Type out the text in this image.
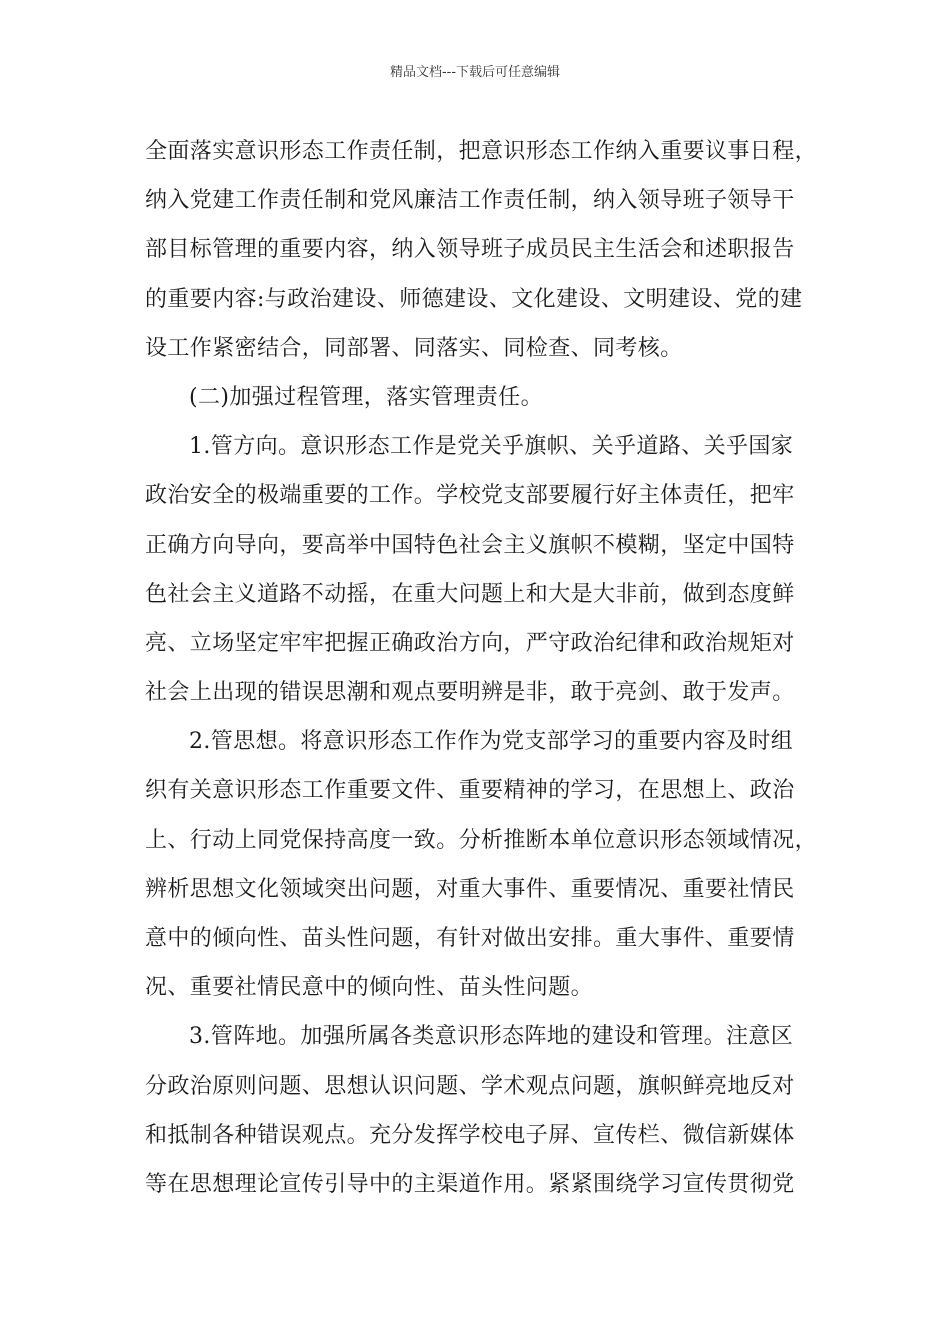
精品文档---下载后可任意编辑
全面落实意识形态工作责任制，把意识形态工作纳入重要议事日程，
纳入党建工作责任制和党风廉洁工作责任制，纳入领导班子领导干
部目标管理的重要内容，纳入领导班子成员民主生活会和述职报告
的重要内容:与政治建设、师德建设、文化建设、文明建设、党的建
设工作紧密结合，同部署、同落实、同检查、同考核。
(二)加强过程管理，落实管理责任。
1.管方向。意识形态工作是党关乎旗帜、关乎道路、关乎国家
政治安全的极端重要的工作。学校党支部要履行好主体责任，把牢
正确方向导向，要高举中国特色社会主义旗帜不模糊，坚定中国特
色社会主义道路不动摇，在重大问题上和大是大非前，做到态度鲜
亮、立场坚定牢牢把握正确政治方向，严守政治纪律和政治规矩对
社会上出现的错误思潮和观点要明辨是非，敢于亮剑、敢于发声。
2.管思想。将意识形态工作作为党支部学习的重要内容及时组
织有关意识形态工作重要文件、重要精神的学习，在思想上、政治
上、行动上同党保持高度一致。分析推断本单位意识形态领域情况，
辨析思想文化领域突出问题，对重大事件、重要情况、重要社情民
意中的倾向性、苗头性问题，有针对做出安排。重大事件、重要情
况、重要社情民意中的倾向性、苗头性问题。
3.管阵地。加强所属各类意识形态阵地的建设和管理。注意区
分政治原则问题、思想认识问题、学术观点问题，旗帜鲜亮地反对
和抵制各种错误观点。充分发挥学校电子屏、宣传栏、微信新媒体
等在思想理论宣传引导中的主渠道作用。紧紧围绕学习宣传贯彻党
